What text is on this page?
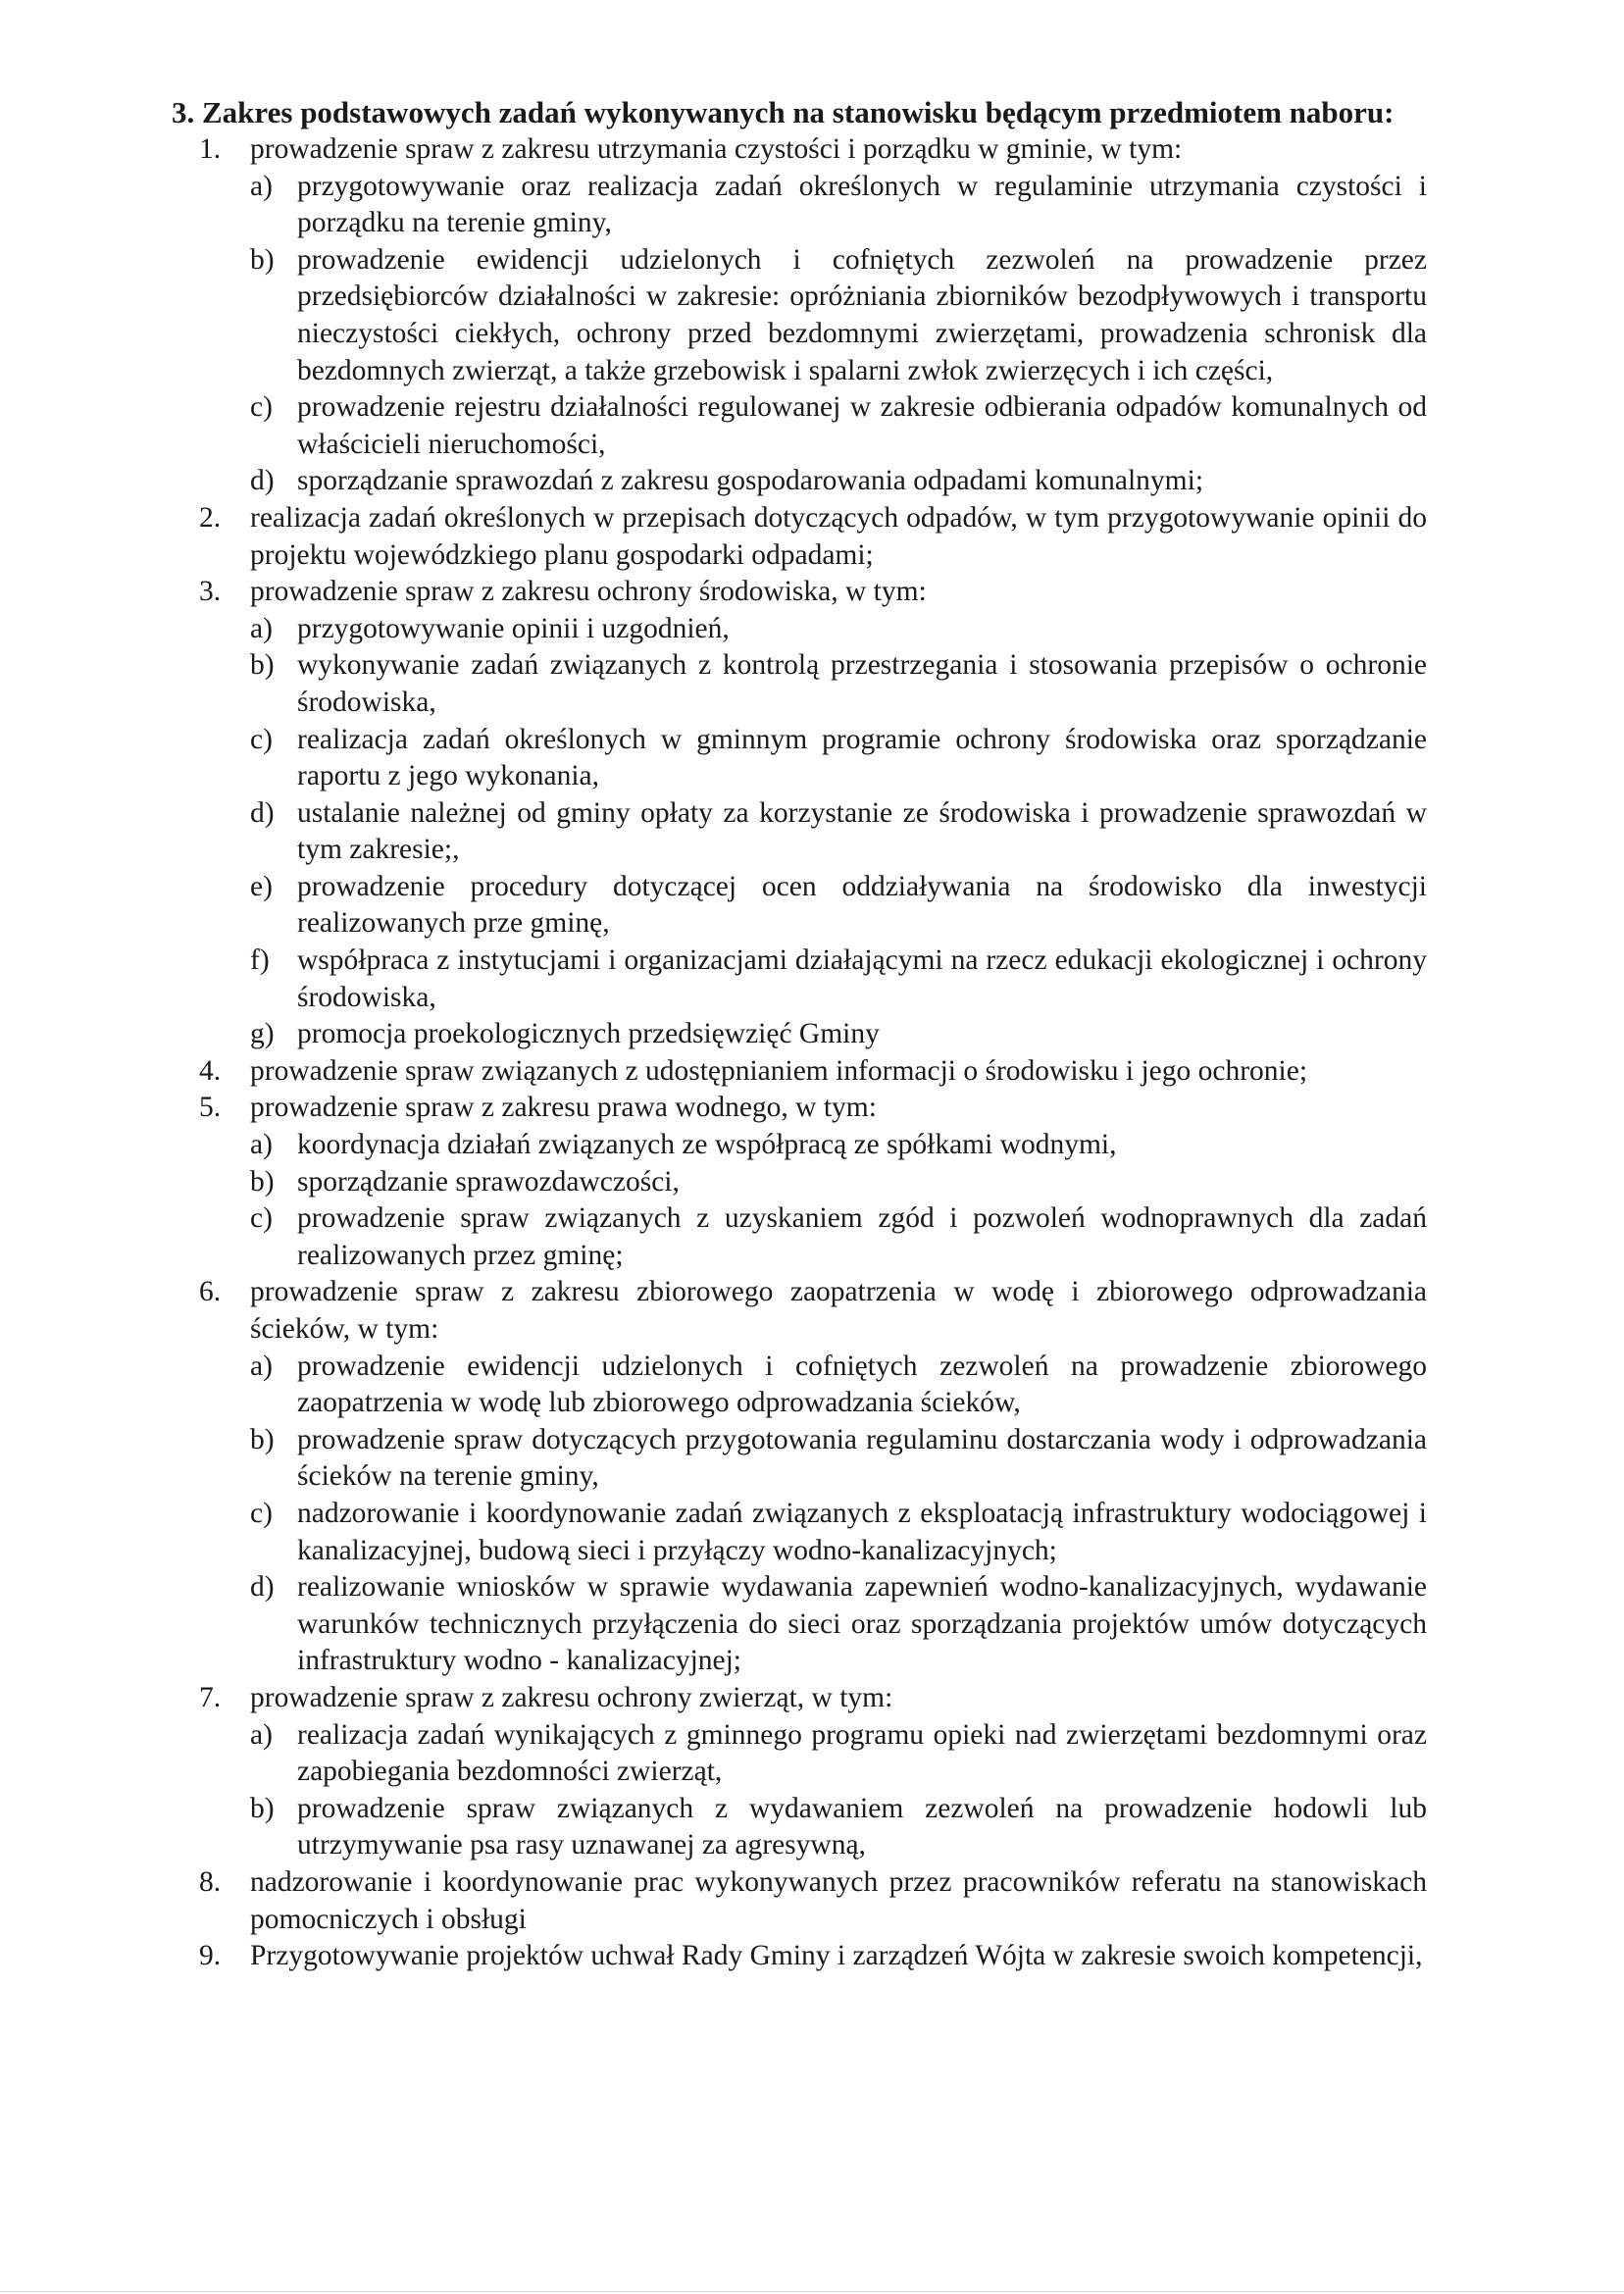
3. Zakres podstawowych zadań wykonywanych na stanowisku będącym przedmiotem naboru:
1. prowadzenie spraw z zakresu utrzymania czystości i porządku w gminie, w tym:
a) przygotowywanie oraz realizacja zadań określonych w regulaminie utrzymania czystości i porządku na terenie gminy,
b) prowadzenie ewidencji udzielonych i cofniętych zezwoleń na prowadzenie przez przedsiębiorców działalności w zakresie: opróżniania zbiorników bezodpływowych i transportu nieczystości ciekłych, ochrony przed bezdomnymi zwierzętami, prowadzenia schronisk dla bezdomnych zwierząt, a także grzebowisk i spalarni zwłok zwierzęcych i ich części,
c) prowadzenie rejestru działalności regulowanej w zakresie odbierania odpadów komunalnych od właścicieli nieruchomości,
d) sporządzanie sprawozdań z zakresu gospodarowania odpadami komunalnymi;
2. realizacja zadań określonych w przepisach dotyczących odpadów, w tym przygotowywanie opinii do projektu wojewódzkiego planu gospodarki odpadami;
3. prowadzenie spraw z zakresu ochrony środowiska, w tym:
a) przygotowywanie opinii i uzgodnień,
b) wykonywanie zadań związanych z kontrolą przestrzegania i stosowania przepisów o ochronie środowiska,
c) realizacja zadań określonych w gminnym programie ochrony środowiska oraz sporządzanie raportu z jego wykonania,
d) ustalanie należnej od gminy opłaty za korzystanie ze środowiska i prowadzenie sprawozdań w tym zakresie;,
e) prowadzenie procedury dotyczącej ocen oddziaływania na środowisko dla inwestycji realizowanych prze gminę,
f) współpraca z instytucjami i organizacjami działającymi na rzecz edukacji ekologicznej i ochrony środowiska,
g) promocja proekologicznych przedsięwzięć Gminy
4. prowadzenie spraw związanych z udostępnianiem informacji o środowisku i jego ochronie;
5. prowadzenie spraw z zakresu prawa wodnego, w tym:
a) koordynacja działań związanych ze współpracą ze spółkami wodnymi,
b) sporządzanie sprawozdawczości,
c) prowadzenie spraw związanych z uzyskaniem zgód i pozwoleń wodnoprawnych dla zadań realizowanych przez gminę;
6. prowadzenie spraw z zakresu zbiorowego zaopatrzenia w wodę i zbiorowego odprowadzania ścieków, w tym:
a) prowadzenie ewidencji udzielonych i cofniętych zezwoleń na prowadzenie zbiorowego zaopatrzenia w wodę lub zbiorowego odprowadzania ścieków,
b) prowadzenie spraw dotyczących przygotowania regulaminu dostarczania wody i odprowadzania ścieków na terenie gminy,
c) nadzorowanie i koordynowanie zadań związanych z eksploatacją infrastruktury wodociągowej i kanalizacyjnej, budową sieci i przyłączy wodno-kanalizacyjnych;
d) realizowanie wniosków w sprawie wydawania zapewnień wodno-kanalizacyjnych, wydawanie warunków technicznych przyłączenia do sieci oraz sporządzania projektów umów dotyczących infrastruktury wodno - kanalizacyjnej;
7. prowadzenie spraw z zakresu ochrony zwierząt, w tym:
a) realizacja zadań wynikających z gminnego programu opieki nad zwierzętami bezdomnymi oraz zapobiegania bezdomności zwierząt,
b) prowadzenie spraw związanych z wydawaniem zezwoleń na prowadzenie hodowli lub utrzymywanie psa rasy uznawanej za agresywną,
8. nadzorowanie i koordynowanie prac wykonywanych przez pracowników referatu na stanowiskach pomocniczych i obsługi
9. Przygotowywanie projektów uchwał Rady Gminy i zarządzeń Wójta w zakresie swoich kompetencji,
